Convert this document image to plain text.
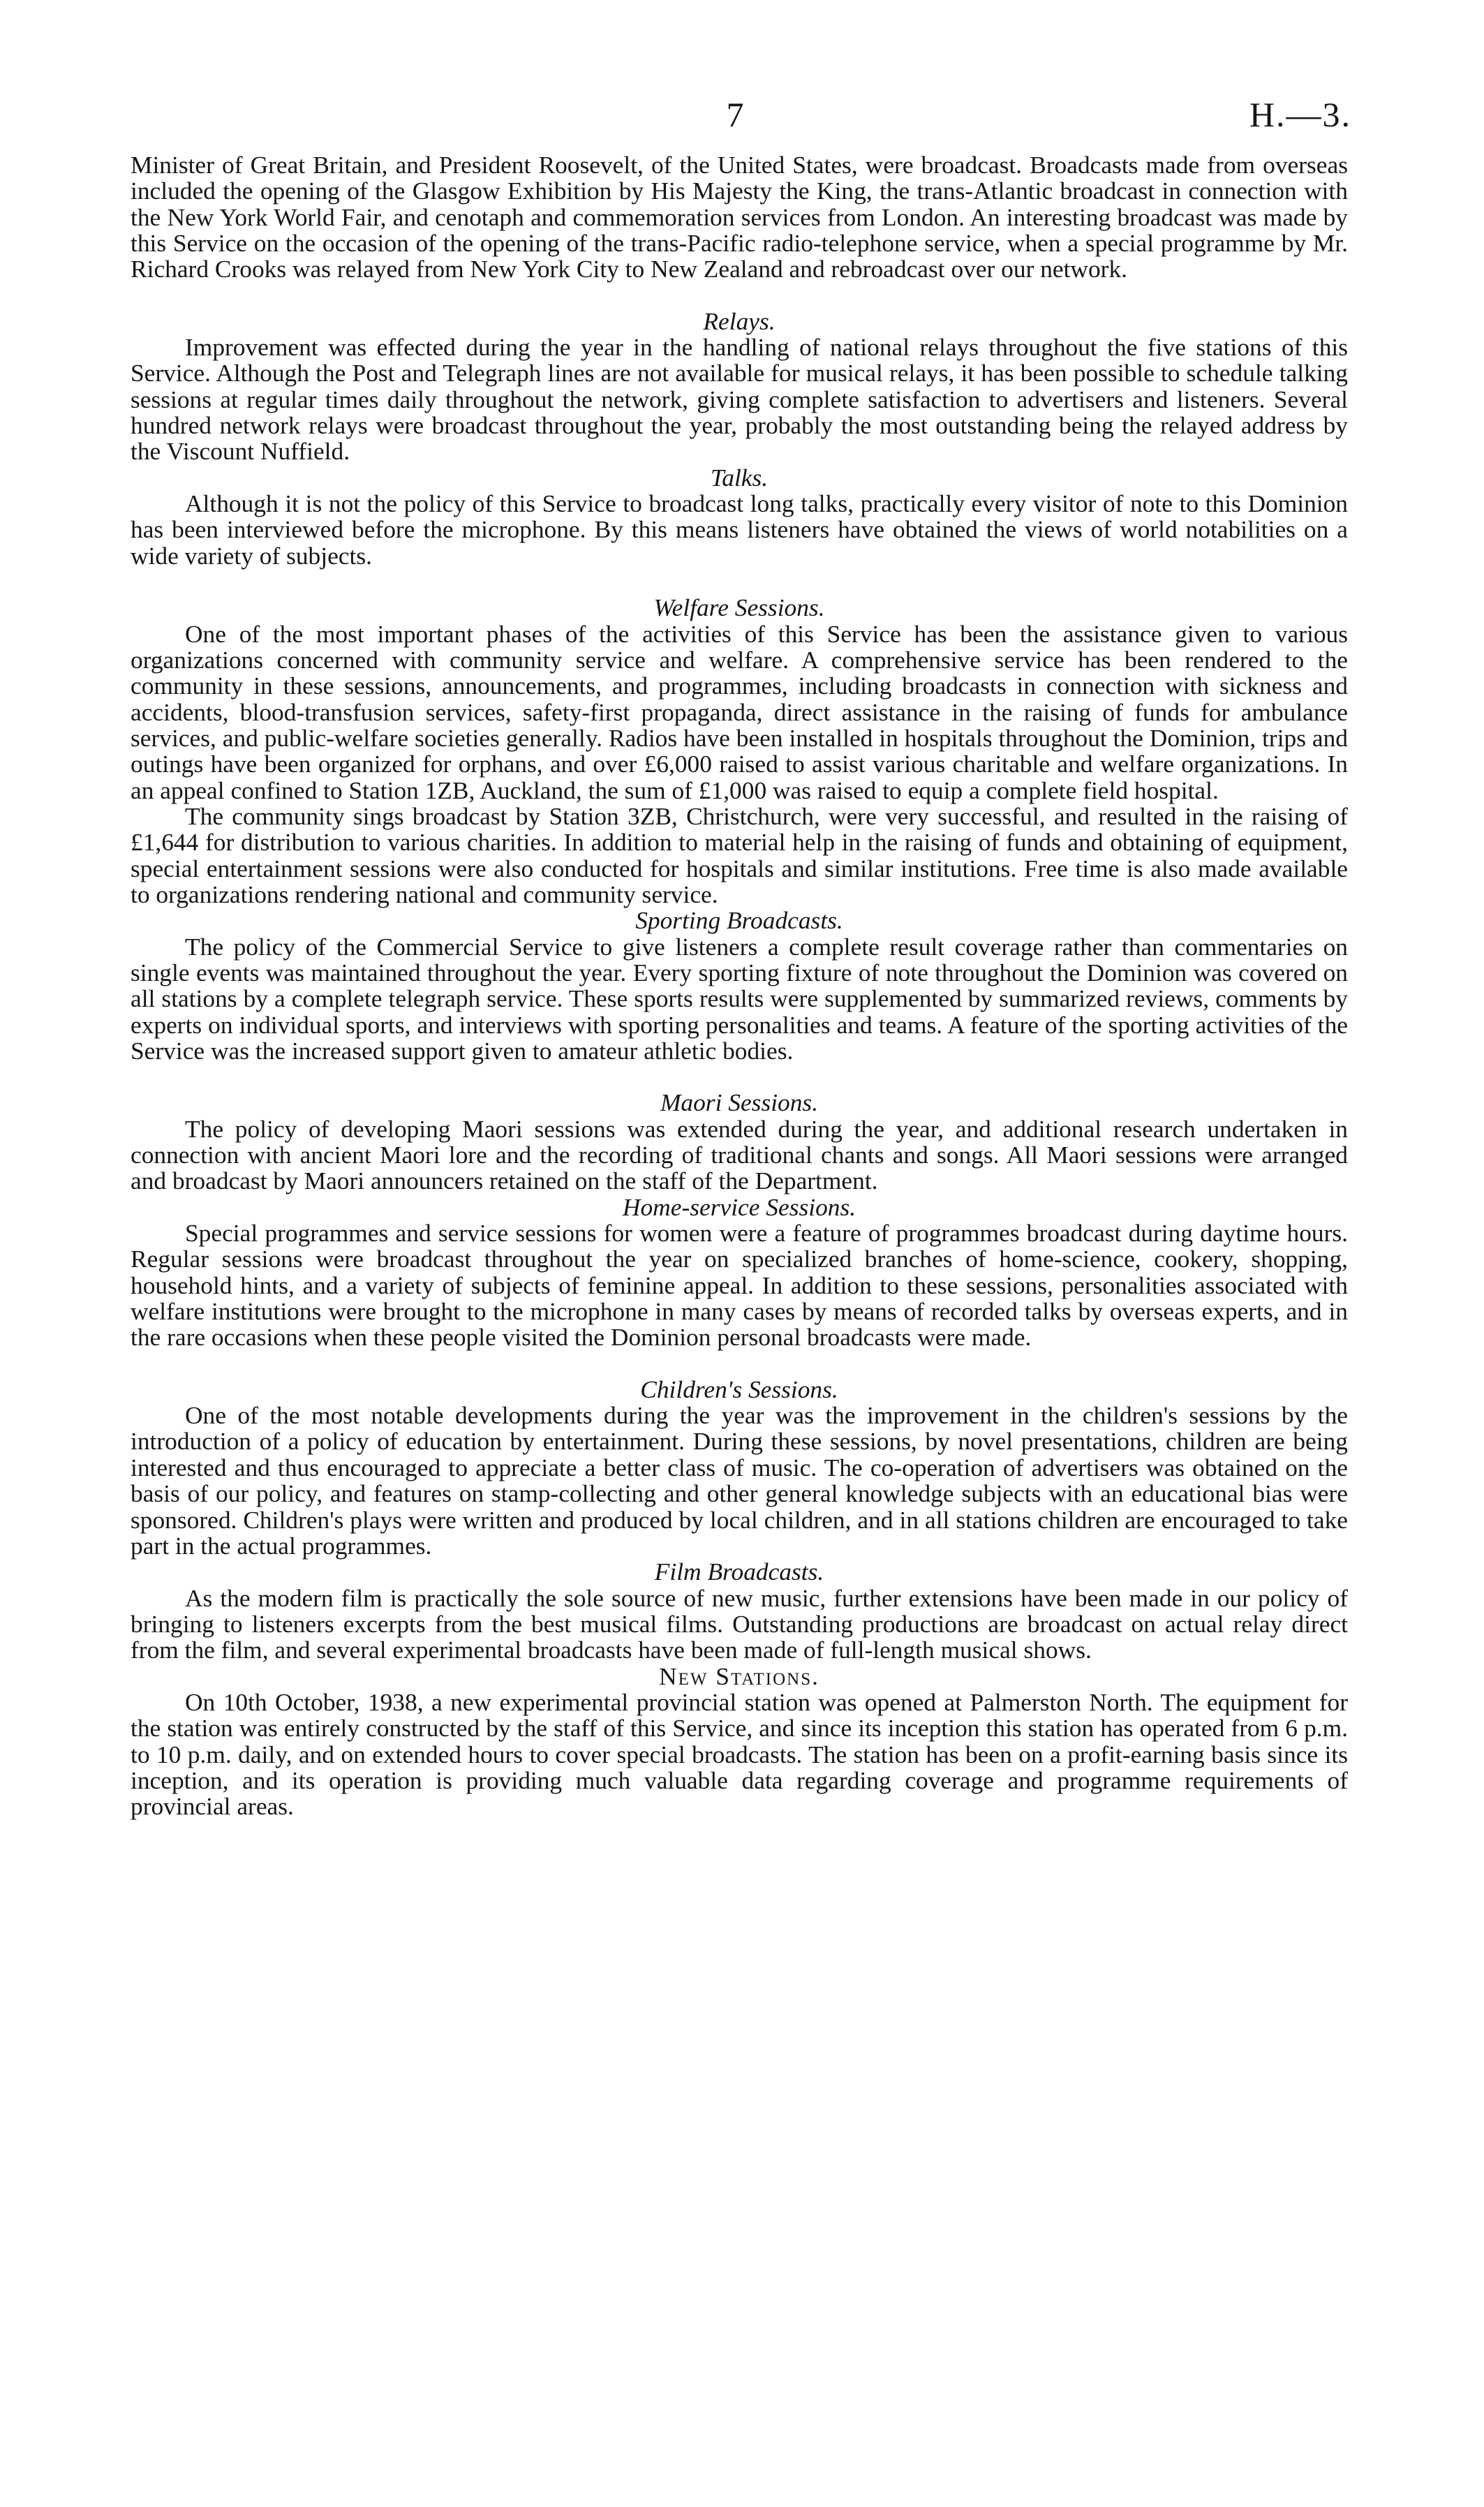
7	H.—3.

Minister of Great Britain, and President Roosevelt, of the United States, were broadcast. Broadcasts made from overseas included the opening of the Glasgow Exhibition by His Majesty the King, the trans-Atlantic broadcast in connection with the New York World Fair, and cenotaph and commemoration services from London. An interesting broadcast was made by this Service on the occasion of the opening of the trans-Pacific radio-telephone service, when a special programme by Mr. Richard Crooks was relayed from New York City to New Zealand and rebroadcast over our network.

Relays.

Improvement was effected during the year in the handling of national relays throughout the five stations of this Service. Although the Post and Telegraph lines are not available for musical relays, it has been possible to schedule talking sessions at regular times daily throughout the network, giving complete satisfaction to advertisers and listeners. Several hundred network relays were broadcast throughout the year, probably the most outstanding being the relayed address by the Viscount Nuffield.

Talks.

Although it is not the policy of this Service to broadcast long talks, practically every visitor of note to this Dominion has been interviewed before the microphone. By this means listeners have obtained the views of world notabilities on a wide variety of subjects.

Welfare Sessions.

One of the most important phases of the activities of this Service has been the assistance given to various organizations concerned with community service and welfare. A comprehensive service has been rendered to the community in these sessions, announcements, and programmes, including broadcasts in connection with sickness and accidents, blood-transfusion services, safety-first propaganda, direct assistance in the raising of funds for ambulance services, and public-welfare societies generally. Radios have been installed in hospitals throughout the Dominion, trips and outings have been organized for orphans, and over £6,000 raised to assist various charitable and welfare organizations. In an appeal confined to Station 1ZB, Auckland, the sum of £1,000 was raised to equip a complete field hospital.

The community sings broadcast by Station 3ZB, Christchurch, were very successful, and resulted in the raising of £1,644 for distribution to various charities. In addition to material help in the raising of funds and obtaining of equipment, special entertainment sessions were also conducted for hospitals and similar institutions. Free time is also made available to organizations rendering national and community service.

Sporting Broadcasts.

The policy of the Commercial Service to give listeners a complete result coverage rather than commentaries on single events was maintained throughout the year. Every sporting fixture of note throughout the Dominion was covered on all stations by a complete telegraph service. These sports results were supplemented by summarized reviews, comments by experts on individual sports, and interviews with sporting personalities and teams. A feature of the sporting activities of the Service was the increased support given to amateur athletic bodies.

Maori Sessions.

The policy of developing Maori sessions was extended during the year, and additional research undertaken in connection with ancient Maori lore and the recording of traditional chants and songs. All Maori sessions were arranged and broadcast by Maori announcers retained on the staff of the Department.

Home-service Sessions.

Special programmes and service sessions for women were a feature of programmes broadcast during daytime hours. Regular sessions were broadcast throughout the year on specialized branches of home-science, cookery, shopping, household hints, and a variety of subjects of feminine appeal. In addition to these sessions, personalities associated with welfare institutions were brought to the microphone in many cases by means of recorded talks by overseas experts, and in the rare occasions when these people visited the Dominion personal broadcasts were made.

Children's Sessions.

One of the most notable developments during the year was the improvement in the children's sessions by the introduction of a policy of education by entertainment. During these sessions, by novel presentations, children are being interested and thus encouraged to appreciate a better class of music. The co-operation of advertisers was obtained on the basis of our policy, and features on stamp-collecting and other general knowledge subjects with an educational bias were sponsored. Children's plays were written and produced by local children, and in all stations children are encouraged to take part in the actual programmes.

Film Broadcasts.

As the modern film is practically the sole source of new music, further extensions have been made in our policy of bringing to listeners excerpts from the best musical films. Outstanding productions are broadcast on actual relay direct from the film, and several experimental broadcasts have been made of full-length musical shows.

New Stations.

On 10th October, 1938, a new experimental provincial station was opened at Palmerston North. The equipment for the station was entirely constructed by the staff of this Service, and since its inception this station has operated from 6 p.m. to 10 p.m. daily, and on extended hours to cover special broadcasts. The station has been on a profit-earning basis since its inception, and its operation is providing much valuable data regarding coverage and programme requirements of provincial areas.
